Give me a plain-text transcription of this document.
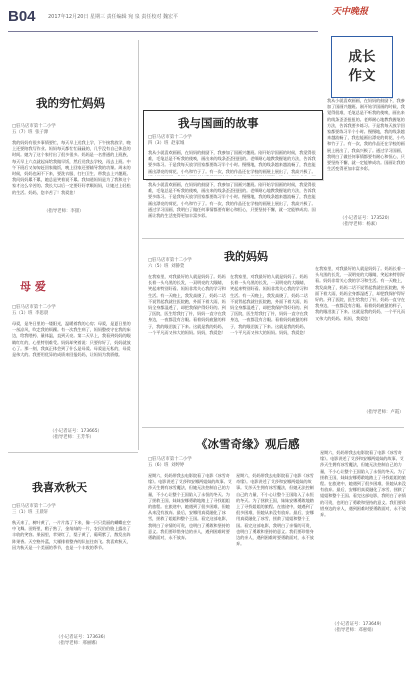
B04 2017年12月20日 星期三 责任编辑 宛 泉 责任校对 魏宏平	天中晚报
成长
作文
我的穷忙妈妈
□驻马店市第十二小学
五（7）班  张子源
我的妈妈有很多事情要忙，每天早上送我上学，下午接我放学，晚上还要陪我写作业。妈妈每天都忙忙碌碌的，几乎没有自己休息的时间。她为了这个家付出了很多很多。妈妈是一名普通的上班族，每天早上六点就起床给我做早饭，然后送我去学校，再去上班。中午下班后又匆匆赶回家做饭，晚上回家还要辅导我的功课。周末的时候，妈妈也闲不下来，要洗衣服、打扫卫生、带我去上兴趣班。我问妈妈累不累，她总是笑着说不累。我知道妈妈是为了我和这个家才这么辛苦的。我长大以后一定要好好孝顺妈妈，让她过上轻松的生活。妈妈，您辛苦了！我爱您！
（指导老师：李甜）
母 爱
□驻马店市第十二小学
五（1）班  李思晨
母爱，是冬日里的一缕阳光，温暖着我的心房；母爱，是夏日里的一丝凉风，吹走我的烦躁。有一次我生病了，妈妈整夜守在我的床边，给我喂药、量体温，直到天亮。第二天早上，我看到妈妈的眼睛红红的，心里特别难受。妈妈却笑着说：只要你好了，妈妈就放心了。那一刻，我真正体会到了什么是母爱。母爱是无私的，母爱是伟大的。我要用优异的成绩来回报妈妈，让妈妈为我骄傲。
（小记者证号：173665）
（指导老师：王芳华）
我喜欢秋天
□驻马店市第十二小学
三（1）班  王晨轩
秋天来了，树叶黄了，一片片落了下来，像一只只美丽的蝴蝶在空中飞舞。田野里，稻子熟了，金灿灿的一片，农民伯伯脸上露出了丰收的笑容。果园里，苹果红了，梨子黄了，葡萄紫了，散发出阵阵果香。天空格外蓝，大雁排着整齐的队伍往南飞。我喜欢秋天，因为秋天是一个美丽的季节，也是一个丰收的季节。
（小记者证号：173636）
（指导老师：邢丽娜）
我与国画的故事
□驻马店市第十二小学
四（3）班  赵家城
我从小就喜欢画画，在妈妈的鼓励下，我参加了国画兴趣班。刚开始学国画的时候，我觉得很难，毛笔总是不听我的使唤，画出来的线条歪歪扭扭的。老师耐心地教我握笔的方法，告诉我要多练习。于是我每天放学回家都要练习半个小时。慢慢地，我的线条越来越流畅了，我也能画出漂亮的荷花、小鸟和竹子了。有一次，我的作品还在学校的画展上展出了，我高兴极了。
我从小就喜欢画画，在妈妈的鼓励下，我参加了国画兴趣班。刚开始学国画的时候，我觉得很难，毛笔总是不听我的使唤，画出来的线条歪歪扭扭的。老师耐心地教我握笔的方法，告诉我要多练习。于是我每天放学回家都要练习半个小时。慢慢地，我的线条越来越流畅了，我也能画出漂亮的荷花、小鸟和竹子了。有一次，我的作品还在学校的画展上展出了，我高兴极了。通过学习国画，我明白了做任何事情都要有耐心和恒心，只要坚持不懈，就一定能够成功。国画让我的生活变得更加丰富多彩。
我从小就喜欢画画，在妈妈的鼓励下，我参加了国画兴趣班。刚开始学国画的时候，我觉得很难，毛笔总是不听我的使唤，画出来的线条歪歪扭扭的。老师耐心地教我握笔的方法，告诉我要多练习。于是我每天放学回家都要练习半个小时。慢慢地，我的线条越来越流畅了，我也能画出漂亮的荷花、小鸟和竹子了。有一次，我的作品还在学校的画展上展出了，我高兴极了。通过学习国画，我明白了做任何事情都要有耐心和恒心，只要坚持不懈，就一定能够成功。国画让我的生活变得更加丰富多彩。
（小记者证号：173520）
（指导老师：杨素）
我的妈妈
□驻马店市第十二小学
六（5）班  刘静萱
在我家里，对我最好的人就是妈妈了。妈妈长着一头乌黑的长发，一双明亮的大眼睛，笑起来特别好看。妈妈非常关心我的学习和生活。有一天晚上，我发高烧了，妈妈二话不说背起我就往医院跑，外面下着大雨，妈妈全身都湿透了，却把我保护得好好的。到了医院，医生给我打了针，妈妈一直守在我身边，一夜都没有合眼。看着妈妈疲惫的样子，我的眼泪流了下来。这就是我的妈妈，一个平凡而又伟大的妈妈。妈妈，我爱您！
在我家里，对我最好的人就是妈妈了。妈妈长着一头乌黑的长发，一双明亮的大眼睛，笑起来特别好看。妈妈非常关心我的学习和生活。有一天晚上，我发高烧了，妈妈二话不说背起我就往医院跑，外面下着大雨，妈妈全身都湿透了，却把我保护得好好的。到了医院，医生给我打了针，妈妈一直守在我身边，一夜都没有合眼。看着妈妈疲惫的样子，我的眼泪流了下来。这就是我的妈妈，一个平凡而又伟大的妈妈。妈妈，我爱您！
在我家里，对我最好的人就是妈妈了。妈妈长着一头乌黑的长发，一双明亮的大眼睛，笑起来特别好看。妈妈非常关心我的学习和生活。有一天晚上，我发高烧了，妈妈二话不说背起我就往医院跑，外面下着大雨，妈妈全身都湿透了，却把我保护得好好的。到了医院，医生给我打了针，妈妈一直守在我身边，一夜都没有合眼。看着妈妈疲惫的样子，我的眼泪流了下来。这就是我的妈妈，一个平凡而又伟大的妈妈。妈妈，我爱您！
（指导老师：卢霞）
《冰雪奇缘》观后感
□驻马店市第十二小学
五（6）班  刘婷婷
星期六，妈妈带我去电影院看了电影《冰雪奇缘》。电影讲述了艾莎和安娜两姐妹的故事。艾莎天生拥有冰雪魔法，但她无法控制自己的力量，不小心让整个王国陷入了永恒的冬天。为了拯救王国，妹妹安娜勇敢地踏上了寻找姐姐的旅程。在旅途中，她遇到了很多困难，但她从来没有放弃。最后，安娜用真爱融化了冰雪，拯救了姐姐和整个王国。看完这部电影，我明白了亲情的可贵，也明白了勇敢和坚持的意义。我们要珍惜身边的亲人，遇到困难时要勇敢面对，永不放弃。
星期六，妈妈带我去电影院看了电影《冰雪奇缘》。电影讲述了艾莎和安娜两姐妹的故事。艾莎天生拥有冰雪魔法，但她无法控制自己的力量，不小心让整个王国陷入了永恒的冬天。为了拯救王国，妹妹安娜勇敢地踏上了寻找姐姐的旅程。在旅途中，她遇到了很多困难，但她从来没有放弃。最后，安娜用真爱融化了冰雪，拯救了姐姐和整个王国。看完这部电影，我明白了亲情的可贵，也明白了勇敢和坚持的意义。我们要珍惜身边的亲人，遇到困难时要勇敢面对，永不放弃。
星期六，妈妈带我去电影院看了电影《冰雪奇缘》。电影讲述了艾莎和安娜两姐妹的故事。艾莎天生拥有冰雪魔法，但她无法控制自己的力量，不小心让整个王国陷入了永恒的冬天。为了拯救王国，妹妹安娜勇敢地踏上了寻找姐姐的旅程。在旅途中，她遇到了很多困难，但她从来没有放弃。最后，安娜用真爱融化了冰雪，拯救了姐姐和整个王国。看完这部电影，我明白了亲情的可贵，也明白了勇敢和坚持的意义。我们要珍惜身边的亲人，遇到困难时要勇敢面对，永不放弃。
（小记者证号：173649）
（指导老师：邓惠娟）
